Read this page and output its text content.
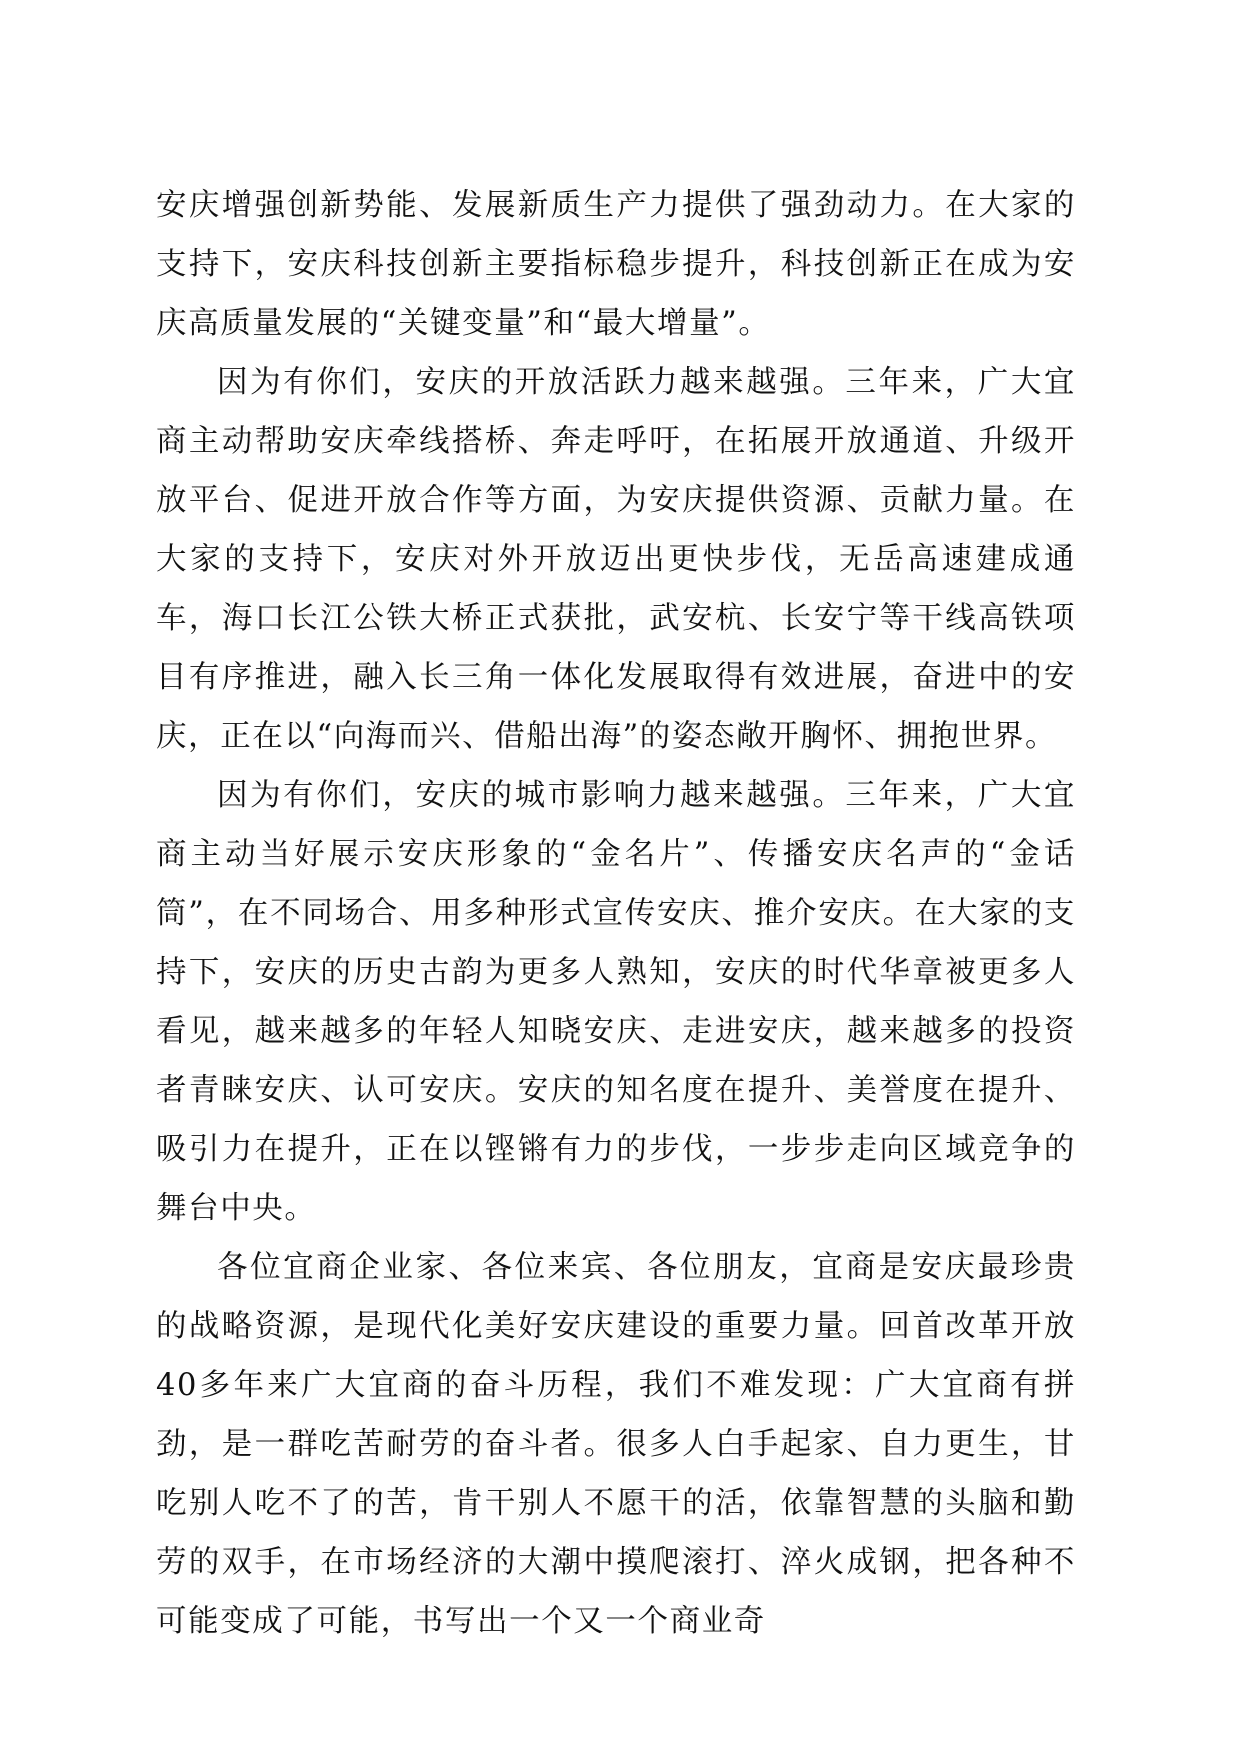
安庆增强创新势能、发展新质生产力提供了强劲动力。在大家的支持下，安庆科技创新主要指标稳步提升，科技创新正在成为安庆高质量发展的“关键变量”和“最大增量”。

因为有你们，安庆的开放活跃力越来越强。三年来，广大宜商主动帮助安庆牵线搭桥、奔走呼吁，在拓展开放通道、升级开放平台、促进开放合作等方面，为安庆提供资源、贡献力量。在大家的支持下，安庆对外开放迈出更快步伐，无岳高速建成通车，海口长江公铁大桥正式获批，武安杭、长安宁等干线高铁项目有序推进，融入长三角一体化发展取得有效进展，奋进中的安庆，正在以“向海而兴、借船出海”的姿态敞开胸怀、拥抱世界。

因为有你们，安庆的城市影响力越来越强。三年来，广大宜商主动当好展示安庆形象的“金名片”、传播安庆名声的“金话筒”，在不同场合、用多种形式宣传安庆、推介安庆。在大家的支持下，安庆的历史古韵为更多人熟知，安庆的时代华章被更多人看见，越来越多的年轻人知晓安庆、走进安庆，越来越多的投资者青睐安庆、认可安庆。安庆的知名度在提升、美誉度在提升、吸引力在提升，正在以铿锵有力的步伐，一步步走向区域竞争的舞台中央。

各位宜商企业家、各位来宾、各位朋友，宜商是安庆最珍贵的战略资源，是现代化美好安庆建设的重要力量。回首改革开放40多年来广大宜商的奋斗历程，我们不难发现：广大宜商有拼劲，是一群吃苦耐劳的奋斗者。很多人白手起家、自力更生，甘吃别人吃不了的苦，肯干别人不愿干的活，依靠智慧的头脑和勤劳的双手，在市场经济的大潮中摸爬滚打、淬火成钢，把各种不可能变成了可能，书写出一个又一个商业奇
